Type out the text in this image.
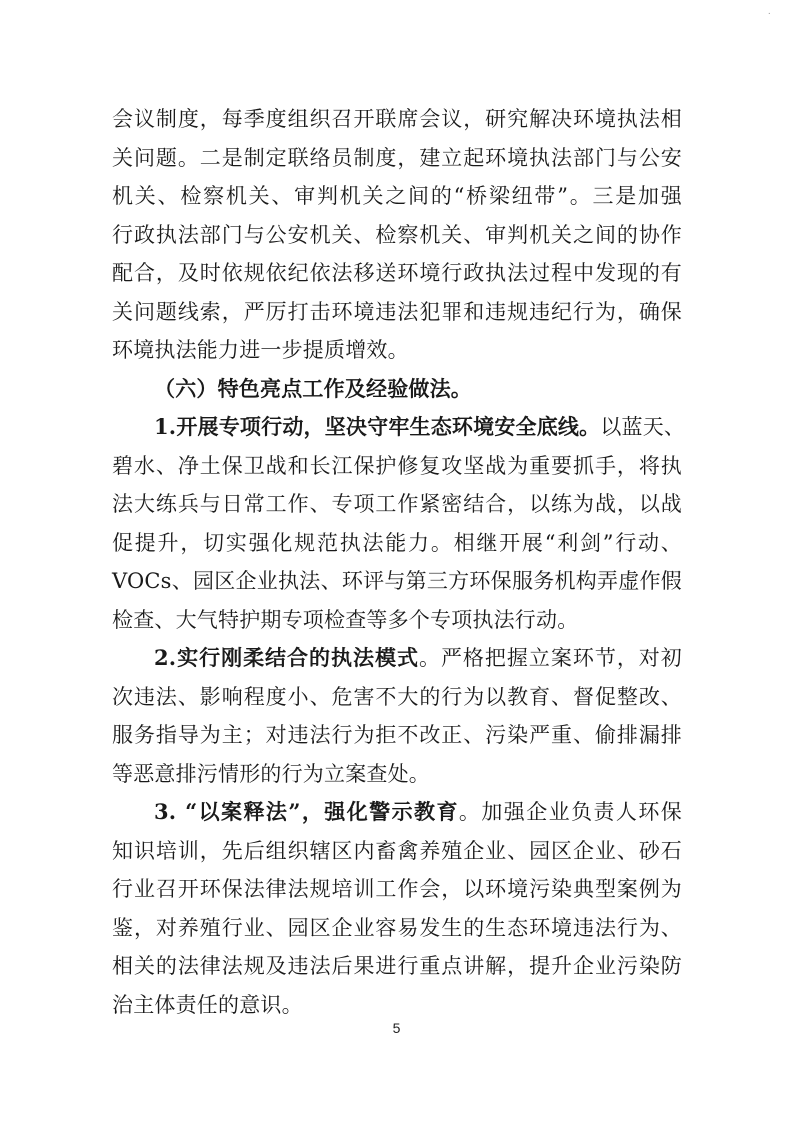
·
会议制度，每季度组织召开联席会议，研究解决环境执法相
关问题。二是制定联络员制度，建立起环境执法部门与公安
机关、检察机关、审判机关之间的“桥梁纽带”。三是加强
行政执法部门与公安机关、检察机关、审判机关之间的协作
配合，及时依规依纪依法移送环境行政执法过程中发现的有
关问题线索，严厉打击环境违法犯罪和违规违纪行为，确保
环境执法能力进一步提质增效。
（六）特色亮点工作及经验做法。
1.开展专项行动，坚决守牢生态环境安全底线。以蓝天、
碧水、净土保卫战和长江保护修复攻坚战为重要抓手，将执
法大练兵与日常工作、专项工作紧密结合，以练为战，以战
促提升，切实强化规范执法能力。相继开展“利剑”行动、
VOCs、园区企业执法、环评与第三方环保服务机构弄虚作假
检查、大气特护期专项检查等多个专项执法行动。
2.实行刚柔结合的执法模式。严格把握立案环节，对初
次违法、影响程度小、危害不大的行为以教育、督促整改、
服务指导为主；对违法行为拒不改正、污染严重、偷排漏排
等恶意排污情形的行为立案查处。
3. “以案释法”，强化警示教育。加强企业负责人环保
知识培训，先后组织辖区内畜禽养殖企业、园区企业、砂石
行业召开环保法律法规培训工作会，以环境污染典型案例为
鉴，对养殖行业、园区企业容易发生的生态环境违法行为、
相关的法律法规及违法后果进行重点讲解，提升企业污染防
治主体责任的意识。
5
